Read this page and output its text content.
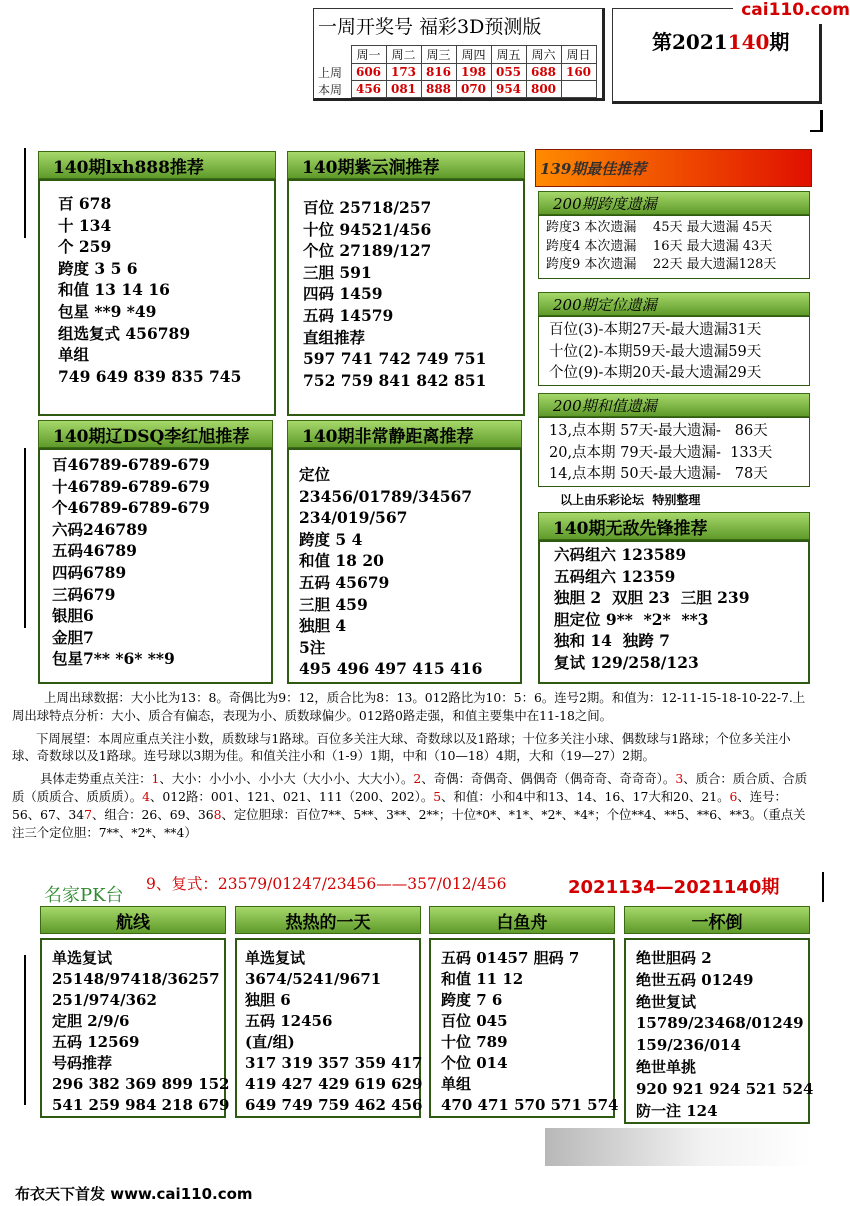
一周开奖号 福彩3D预测版
	周一	周二	周三	周四	周五	周六	周日
上周	606	173	816	198	055	688	160
本周	456	081	888	070	954	800	
第2021140期
cai110.com
140期lxh888推荐
百 678
十 134
个 259
跨度 3 5 6
和值 13 14 16
包星 **9 *49
组选复式 456789
单组
749 649 839 835 745
140期紫云涧推荐
百位 25718/257
十位 94521/456
个位 27189/127
三胆 591
四码 1459
五码 14579
直组推荐
597 741 742 749 751
752 759 841 842 851
140期辽DSQ李红旭推荐
百46789-6789-679
十46789-6789-679
个46789-6789-679
六码246789
五码46789
四码6789
三码679
银胆6
金胆7
包星7** *6* **9
140期非常静距离推荐
定位
23456/01789/34567
234/019/567
跨度 5 4
和值 18 20
五码 45679
三胆 459
独胆 4
5注
495 496 497 415 416
139期最佳推荐
200期跨度遗漏
跨度3 本次遗漏    45天 最大遗漏 45天
跨度4 本次遗漏    16天 最大遗漏 43天
跨度9 本次遗漏    22天 最大遗漏128天
200期定位遗漏
百位(3)-本期27天-最大遗漏31天
十位(2)-本期59天-最大遗漏59天
个位(9)-本期20天-最大遗漏29天
200期和值遗漏
13,点本期 57天-最大遗漏-   86天
20,点本期 79天-最大遗漏-  133天
14,点本期 50天-最大遗漏-   78天
以上由乐彩论坛  特别整理
140期无敌先锋推荐
六码组六 123589
五码组六 12359
独胆 2  双胆 23  三胆 239
胆定位 9**  *2*  **3
独和 14  独跨 7
复试 129/258/123

上周出球数据：大小比为13：8。奇偶比为9：12，质合比为8：13。012路比为10：5：6。连号2期。和值为：12-11-15-18-10-22-7.上周出球特点分析：大小、质合有偏态，表现为小、质数球偏少。012路0路走强，和值主要集中在11-18之间。

下周展望：本周应重点关注小数，质数球与1路球。百位多关注大球、奇数球以及1路球；十位多关注小球、偶数球与1路球；个位多关注小球、奇数球以及1路球。连号球以3期为佳。和值关注小和（1-9）1期，中和（10—18）4期，大和（19—27）2期。

具体走势重点关注：1、大小：小小小、小小大（大小小、大大小）。2、奇偶：奇偶奇、偶偶奇（偶奇奇、奇奇奇）。3、质合：质合质、合质质（质质合、质质质）。4、012路：001、121、021、111（200、202）。5、和值：小和4中和13、14、16、17大和20、21。6、连号：56、67、347、组合：26、69、368、定位胆球：百位7**、5**、3**、2**；十位*0*、*1*、*2*、*4*；个位**4、**5、**6、**3。（重点关注三个定位胆：7**、*2*、**4）

名家PK台
9、复式：23579/01247/23456——357/012/456	2021134—2021140期
航线
单选复试
25148/97418/36257
251/974/362
定胆 2/9/6
五码 12569
号码推荐
296 382 369 899 152
541 259 984 218 679
热热的一天
单选复试
3674/5241/9671
独胆 6
五码 12456
(直/组)
317 319 357 359 417
419 427 429 619 629
649 749 759 462 456
白鱼舟
五码 01457 胆码 7
和值 11 12
跨度 7 6
百位 045
十位 789
个位 014
单组
470 471 570 571 574
一杯倒
绝世胆码 2
绝世五码 01249
绝世复试
15789/23468/01249
159/236/014
绝世单挑
920 921 924 521 524
防一注 124
布衣天下首发 www.cai110.com
